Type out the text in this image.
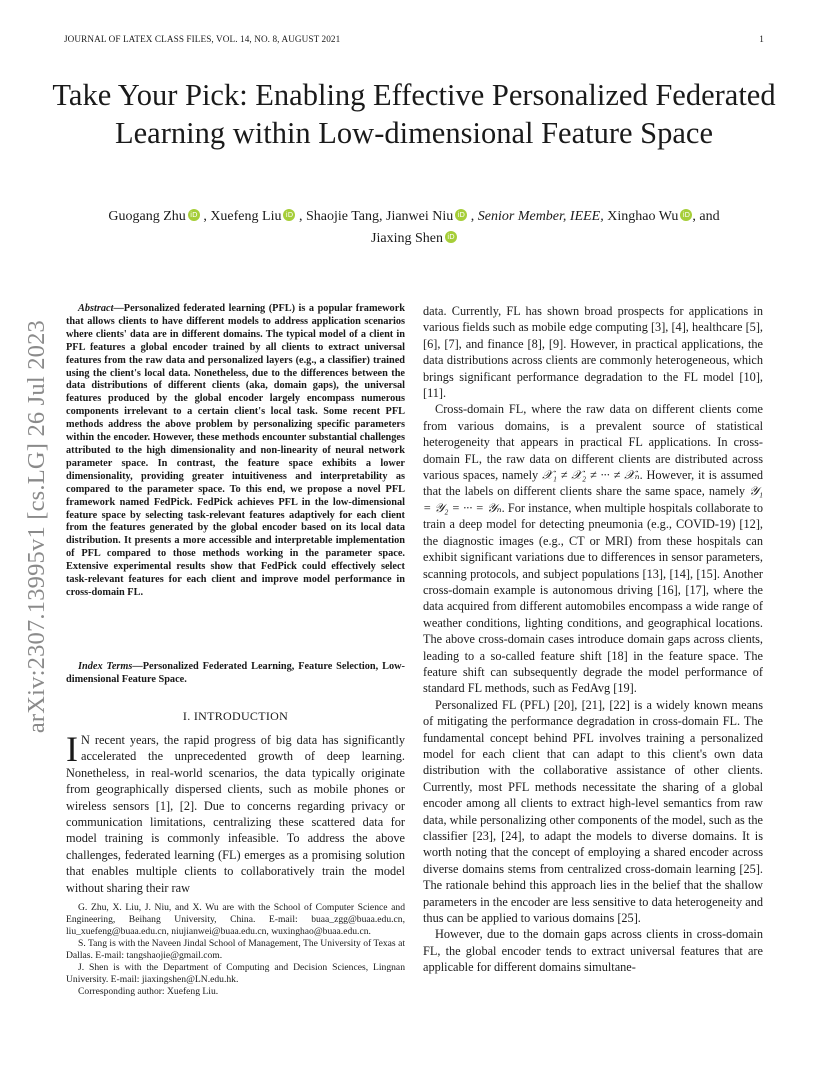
JOURNAL OF LATEX CLASS FILES, VOL. 14, NO. 8, AUGUST 2021	1
arXiv:2307.13995v1 [cs.LG] 26 Jul 2023
Take Your Pick: Enabling Effective Personalized Federated Learning within Low-dimensional Feature Space
Guogang Zhu iD , Xuefeng Liu iD , Shaojie Tang, Jianwei Niu iD , Senior Member, IEEE, Xinghao Wu iD , and
Jiaxing Shen iD
Abstract—Personalized federated learning (PFL) is a popular framework that allows clients to have different models to address application scenarios where clients' data are in different domains. The typical model of a client in PFL features a global encoder trained by all clients to extract universal features from the raw data and personalized layers (e.g., a classifier) trained using the client's local data. Nonetheless, due to the differences between the data distributions of different clients (aka, domain gaps), the universal features produced by the global encoder largely encompass numerous components irrelevant to a certain client's local task. Some recent PFL methods address the above problem by personalizing specific parameters within the encoder. However, these methods encounter substantial challenges attributed to the high dimensionality and non-linearity of neural network parameter space. In contrast, the feature space exhibits a lower dimensionality, providing greater intuitiveness and interpretability as compared to the parameter space. To this end, we propose a novel PFL framework named FedPick. FedPick achieves PFL in the low-dimensional feature space by selecting task-relevant features adaptively for each client from the features generated by the global encoder based on its local data distribution. It presents a more accessible and interpretable implementation of PFL compared to those methods working in the parameter space. Extensive experimental results show that FedPick could effectively select task-relevant features for each client and improve model performance in cross-domain FL.
Index Terms—Personalized Federated Learning, Feature Selection, Low-dimensional Feature Space.
I. INTRODUCTION
I N recent years, the rapid progress of big data has significantly accelerated the unprecedented growth of deep learning. Nonetheless, in real-world scenarios, the data typically originate from geographically dispersed clients, such as mobile phones or wireless sensors [1], [2]. Due to concerns regarding privacy or communication limitations, centralizing these scattered data for model training is commonly infeasible. To address the above challenges, federated learning (FL) emerges as a promising solution that enables multiple clients to collaboratively train the model without sharing their raw

G. Zhu, X. Liu, J. Niu, and X. Wu are with the School of Computer Science and Engineering, Beihang University, China. E-mail: buaa_zgg@buaa.edu.cn, liu_xuefeng@buaa.edu.cn, niujianwei@buaa.edu.cn, wuxinghao@buaa.edu.cn.

S. Tang is with the Naveen Jindal School of Management, The University of Texas at Dallas. E-mail: tangshaojie@gmail.com.

J. Shen is with the Department of Computing and Decision Sciences, Lingnan University. E-mail: jiaxingshen@LN.edu.hk.

Corresponding author: Xuefeng Liu.

data. Currently, FL has shown broad prospects for applications in various fields such as mobile edge computing [3], [4], healthcare [5], [6], [7], and finance [8], [9]. However, in practical applications, the data distributions across clients are commonly heterogeneous, which brings significant performance degradation to the FL model [10], [11].

Cross-domain FL, where the raw data on different clients come from various domains, is a prevalent source of statistical heterogeneity that appears in practical FL applications. In cross-domain FL, the raw data on different clients are distributed across various spaces, namely 𝒳₁ ≠ 𝒳₂ ≠ ··· ≠ 𝒳ₙ. However, it is assumed that the labels on different clients share the same space, namely 𝒴₁ = 𝒴₂ = ··· = 𝒴ₙ. For instance, when multiple hospitals collaborate to train a deep model for detecting pneumonia (e.g., COVID-19) [12], the diagnostic images (e.g., CT or MRI) from these hospitals can exhibit significant variations due to differences in sensor parameters, scanning protocols, and subject populations [13], [14], [15]. Another cross-domain example is autonomous driving [16], [17], where the data acquired from different automobiles encompass a wide range of weather conditions, lighting conditions, and geographical locations. The above cross-domain cases introduce domain gaps across clients, leading to a so-called feature shift [18] in the feature space. The feature shift can subsequently degrade the model performance of standard FL methods, such as FedAvg [19].

Personalized FL (PFL) [20], [21], [22] is a widely known means of mitigating the performance degradation in cross-domain FL. The fundamental concept behind PFL involves training a personalized model for each client that can adapt to this client's own data distribution with the collaborative assistance of other clients. Currently, most PFL methods necessitate the sharing of a global encoder among all clients to extract high-level semantics from raw data, while personalizing other components of the model, such as the classifier [23], [24], to adapt the models to diverse domains. It is worth noting that the concept of employing a shared encoder across diverse domains stems from centralized cross-domain learning [25]. The rationale behind this approach lies in the belief that the shallow parameters in the encoder are less sensitive to data heterogeneity and thus can be applied to various domains [25].

However, due to the domain gaps across clients in cross-domain FL, the global encoder tends to extract universal features that are applicable for different domains simultane-
